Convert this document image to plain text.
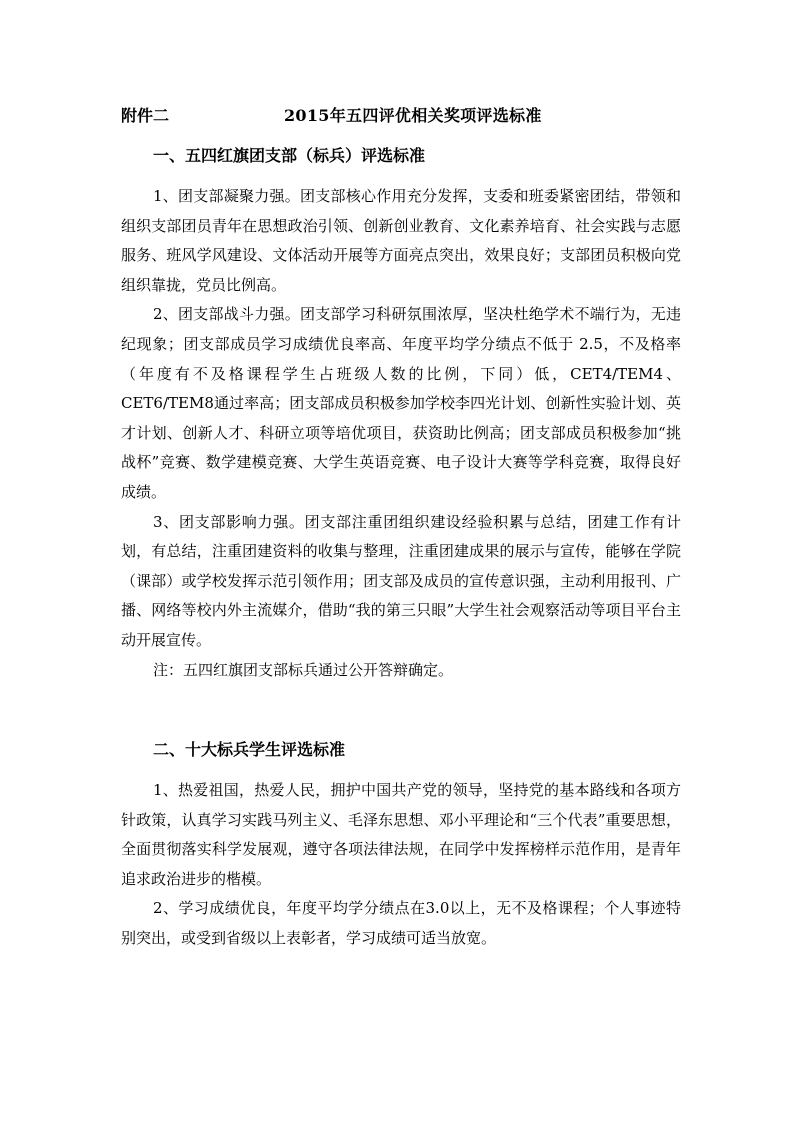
附件二	2015年五四评优相关奖项评选标准

一、五四红旗团支部（标兵）评选标准

1、团支部凝聚力强。团支部核心作用充分发挥，支委和班委紧密团结，带领和组织支部团员青年在思想政治引领、创新创业教育、文化素养培育、社会实践与志愿服务、班风学风建设、文体活动开展等方面亮点突出，效果良好；支部团员积极向党组织靠拢，党员比例高。

2、团支部战斗力强。团支部学习科研氛围浓厚，坚决杜绝学术不端行为，无违纪现象；团支部成员学习成绩优良率高、年度平均学分绩点不低于 2.5，不及格率（年度有不及格课程学生占班级人数的比例，下同）低，CET4/TEM4、CET6/TEM8通过率高；团支部成员积极参加学校李四光计划、创新性实验计划、英才计划、创新人才、科研立项等培优项目，获资助比例高；团支部成员积极参加“挑战杯”竞赛、数学建模竞赛、大学生英语竞赛、电子设计大赛等学科竞赛，取得良好成绩。

3、团支部影响力强。团支部注重团组织建设经验积累与总结，团建工作有计划，有总结，注重团建资料的收集与整理，注重团建成果的展示与宣传，能够在学院（课部）或学校发挥示范引领作用；团支部及成员的宣传意识强，主动利用报刊、广播、网络等校内外主流媒介，借助“我的第三只眼”大学生社会观察活动等项目平台主动开展宣传。

注：五四红旗团支部标兵通过公开答辩确定。

二、十大标兵学生评选标准

1、热爱祖国，热爱人民，拥护中国共产党的领导，坚持党的基本路线和各项方针政策，认真学习实践马列主义、毛泽东思想、邓小平理论和“三个代表”重要思想，全面贯彻落实科学发展观，遵守各项法律法规，在同学中发挥榜样示范作用，是青年追求政治进步的楷模。

2、学习成绩优良，年度平均学分绩点在3.0以上，无不及格课程；个人事迹特别突出，或受到省级以上表彰者，学习成绩可适当放宽。
